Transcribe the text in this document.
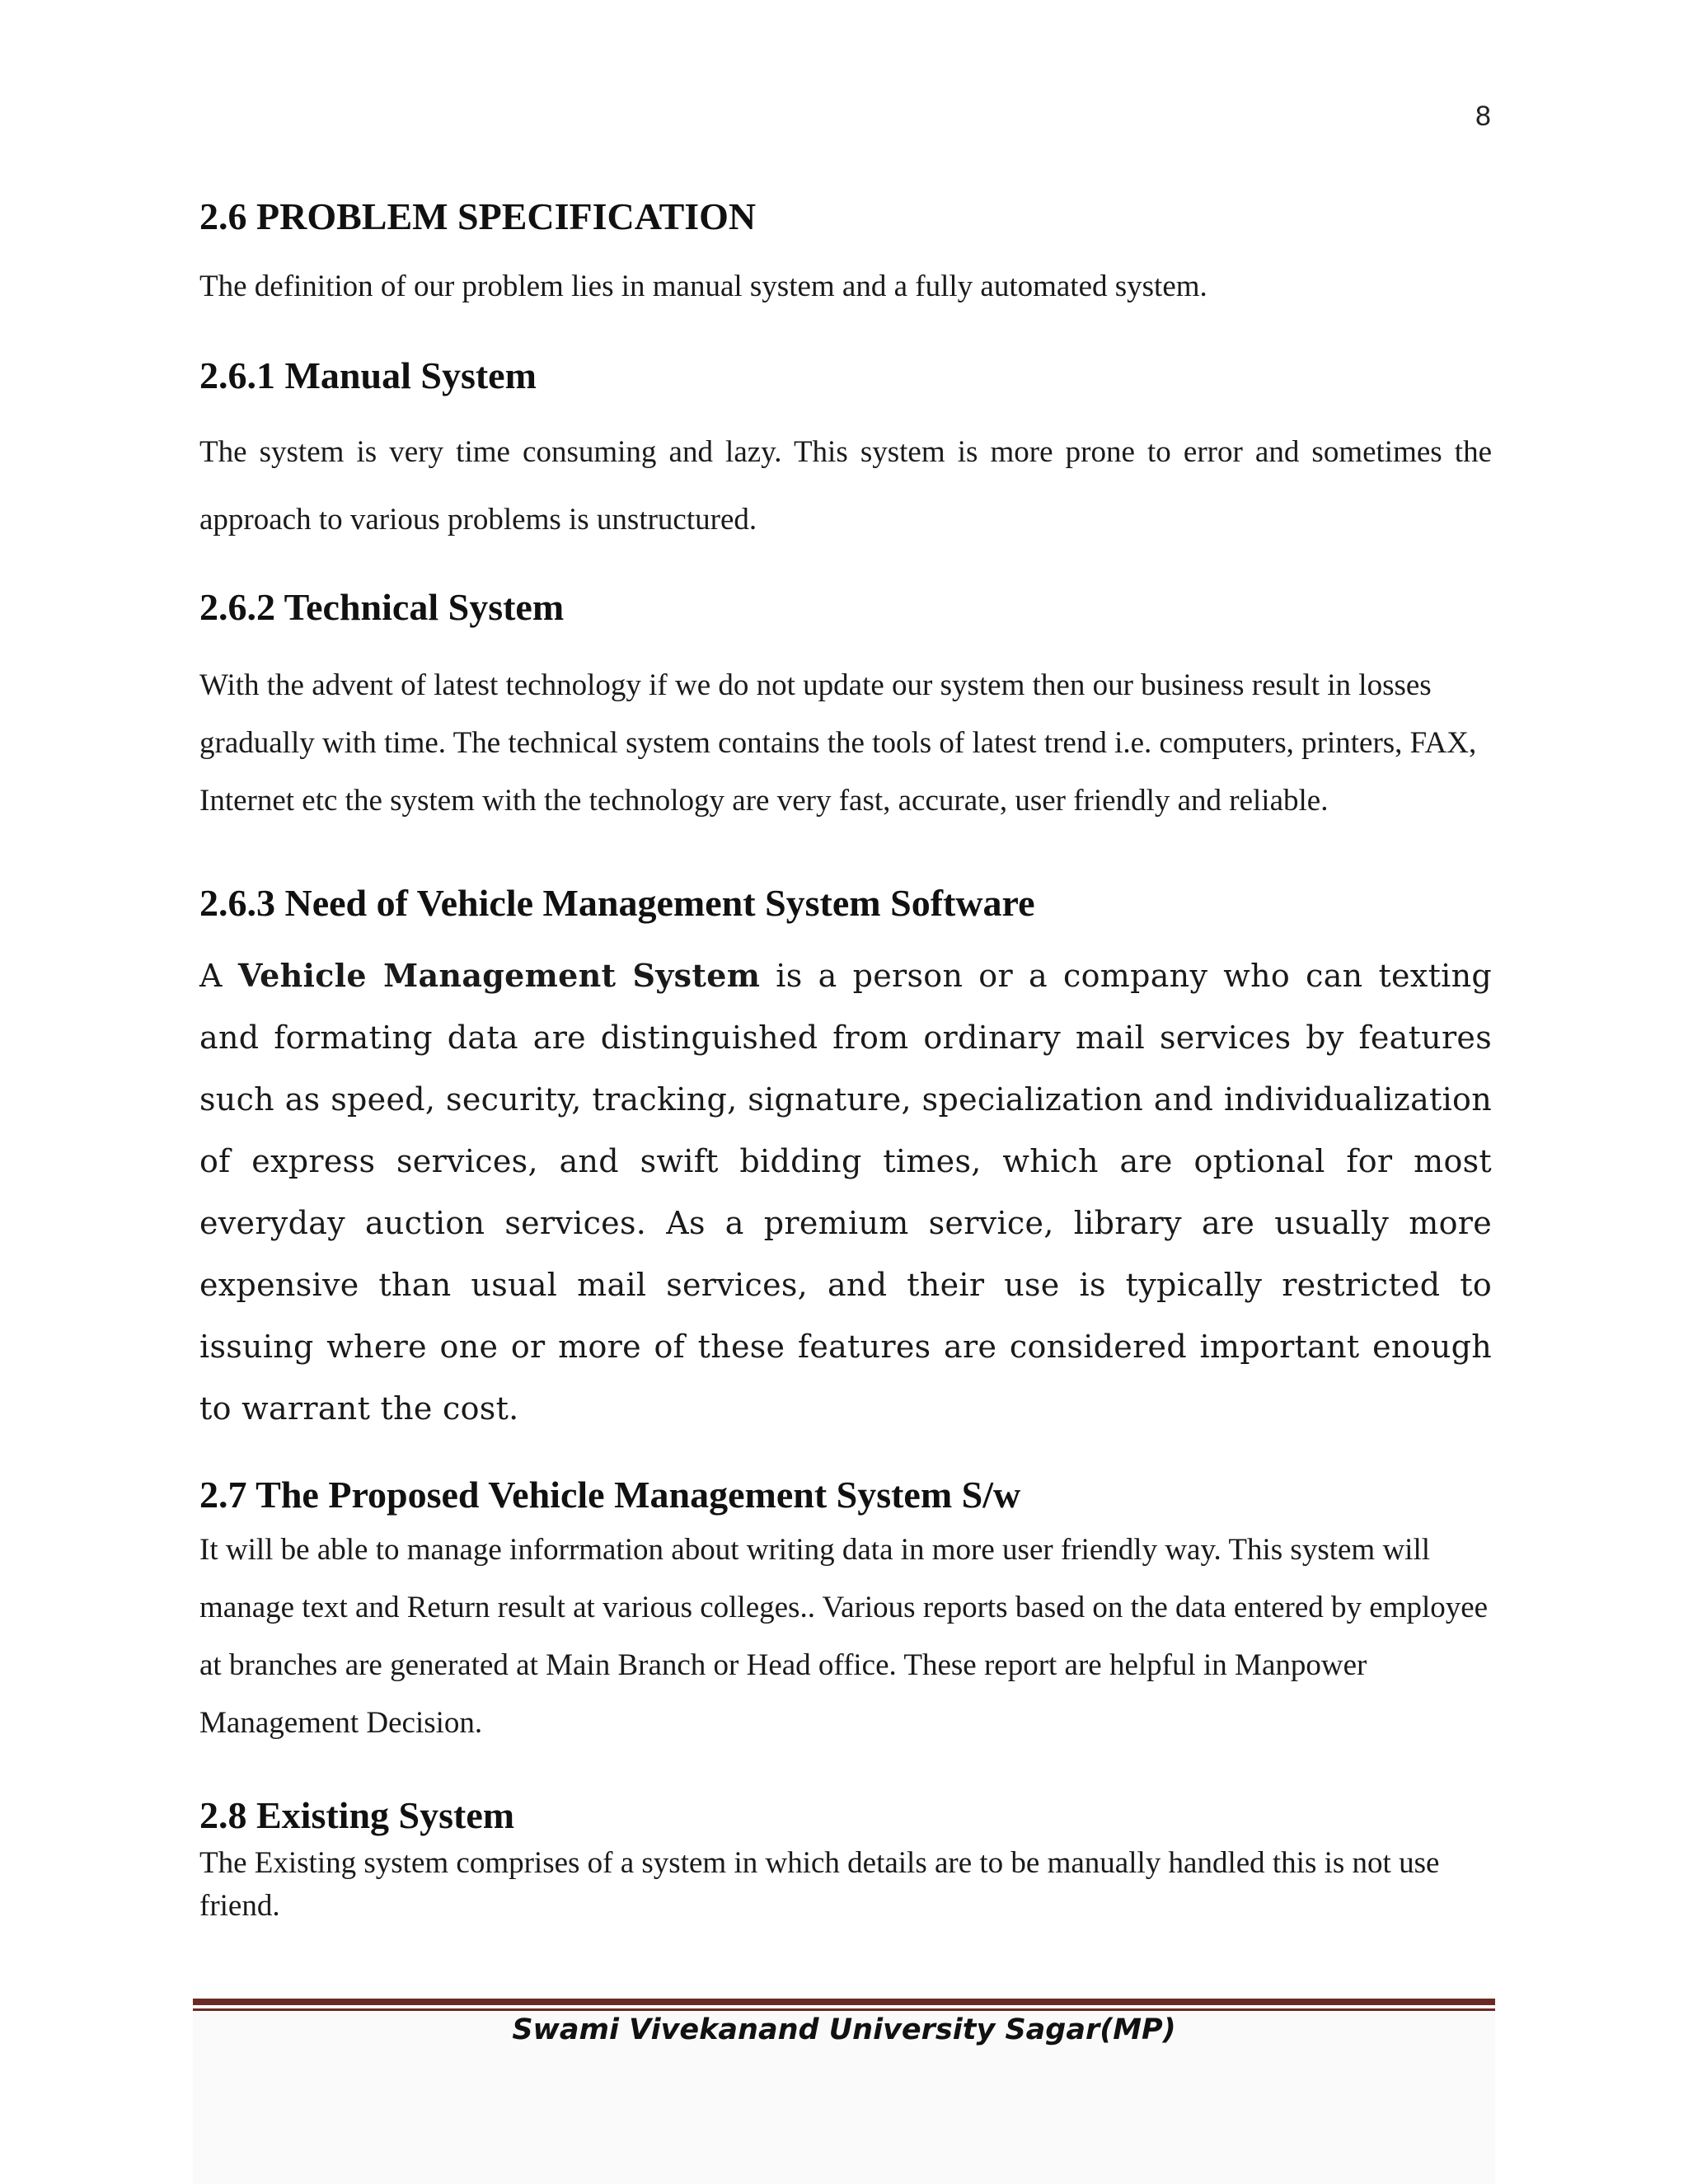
8
2.6 PROBLEM SPECIFICATION

The definition of our problem lies in manual system and a fully automated system.

2.6.1 Manual System

The system is very time consuming and lazy. This system is more prone to error and sometimes the approach to various problems is unstructured.

2.6.2 Technical System

With the advent of latest technology if we do not update our system then our business result in losses gradually with time. The technical system contains the tools of latest trend i.e. computers, printers, FAX, Internet etc the system with the technology are very fast, accurate, user friendly and reliable.

2.6.3 Need of Vehicle Management System Software

A Vehicle Management System is a person or a company who can texting and formating data are distinguished from ordinary mail services by features such as speed, security, tracking, signature, specialization and individualization of express services, and swift bidding times, which are optional for most everyday auction services. As a premium service, library are usually more expensive than usual mail services, and their use is typically restricted to issuing where one or more of these features are considered important enough to warrant the cost.

2.7 The Proposed Vehicle Management System S/w

It will be able to manage inforrmation about writing data in more user friendly way. This system will manage text and Return result at various colleges.. Various reports based on the data entered by employee at branches are generated at Main Branch or Head office. These report are helpful in Manpower Management Decision.

2.8 Existing System

The Existing system comprises of a system in which details are to be manually handled this is not use friend.

Swami Vivekanand University Sagar(MP)
